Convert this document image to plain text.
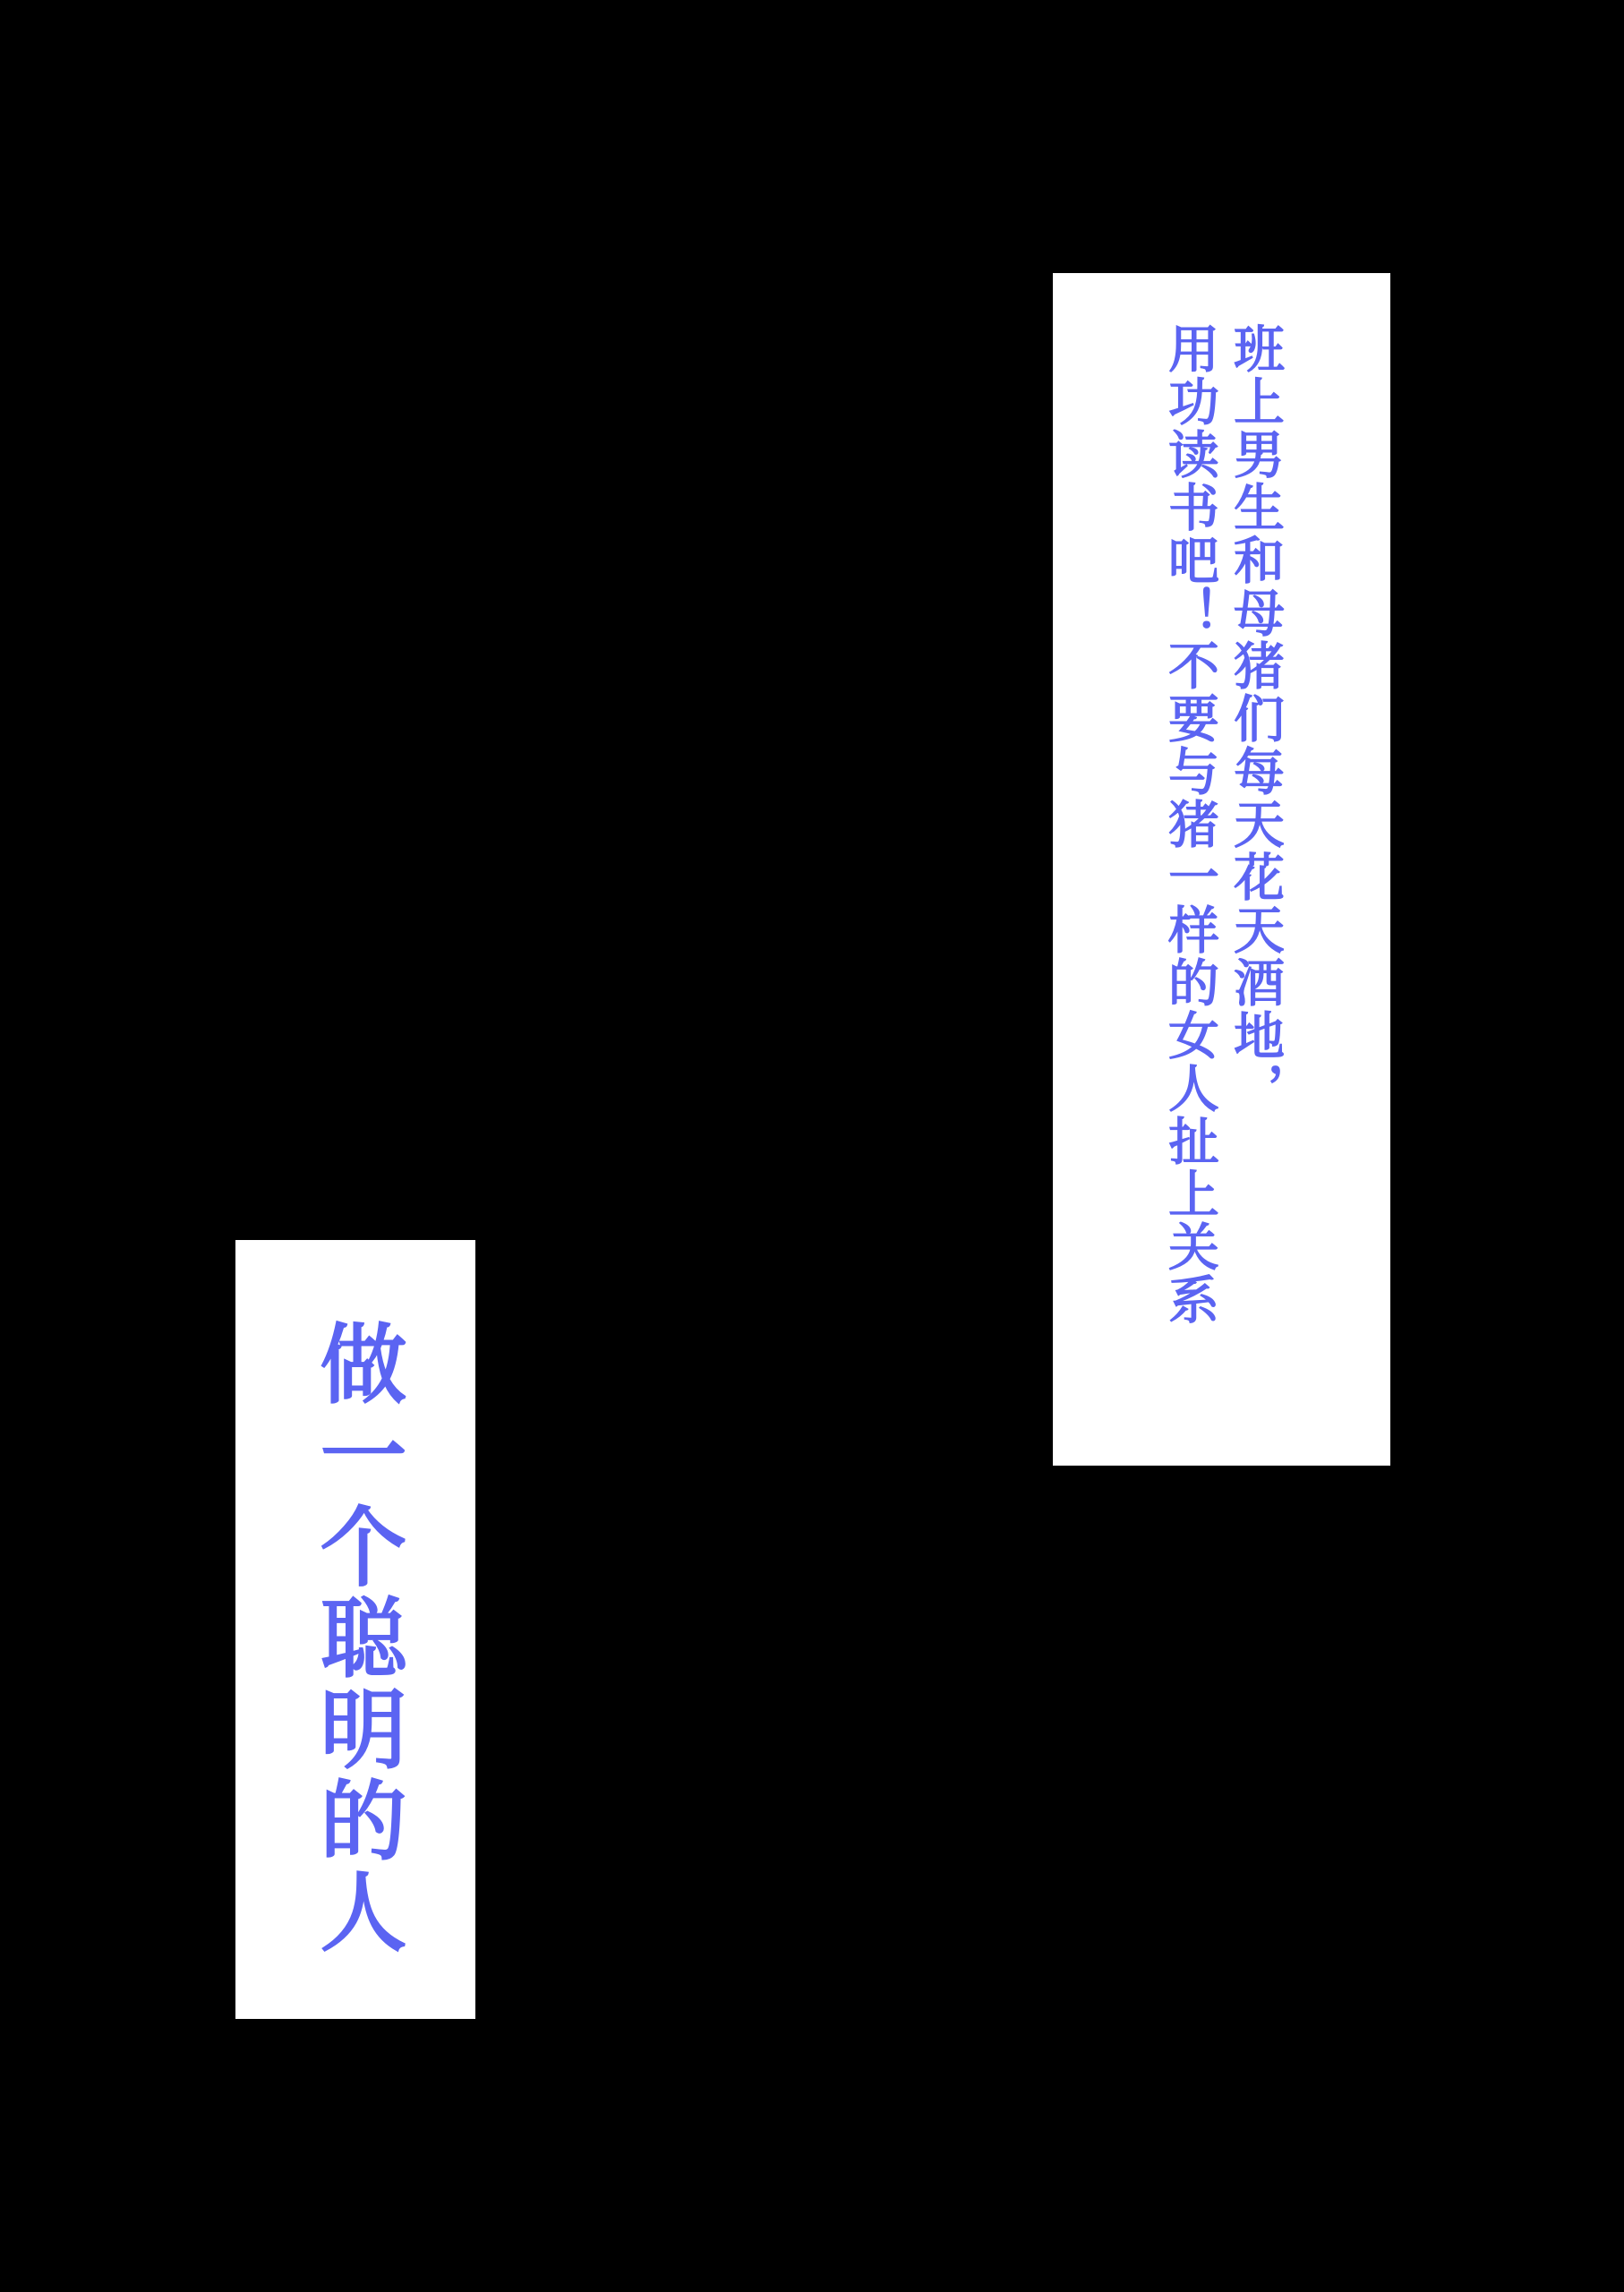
班上男生和母猪们每天花天酒地，
用功读书吧！不要与猪一样的女人扯上关系
做一个聪明的人
